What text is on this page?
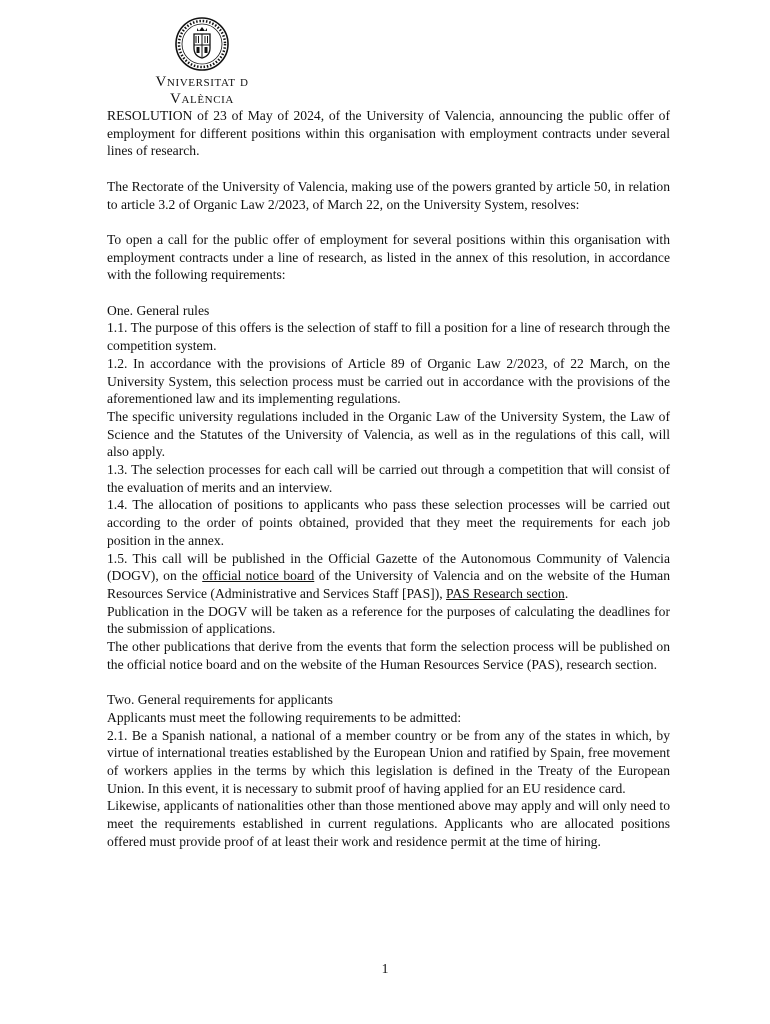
Vniversitat d València

RESOLUTION of 23 of May of 2024, of the University of Valencia, announcing the public offer of employment for different positions within this organisation with employment contracts under several lines of research.

The Rectorate of the University of Valencia, making use of the powers granted by article 50, in relation to article 3.2 of Organic Law 2/2023, of March 22, on the University System, resolves:

To open a call for the public offer of employment for several positions within this organisation with employment contracts under a line of research, as listed in the annex of this resolution, in accordance with the following requirements:

One. General rules

1.1. The purpose of this offers is the selection of staff to fill a position for a line of research through the competition system.

1.2. In accordance with the provisions of Article 89 of Organic Law 2/2023, of 22 March, on the University System, this selection process must be carried out in accordance with the provisions of the aforementioned law and its implementing regulations.

The specific university regulations included in the Organic Law of the University System, the Law of Science and the Statutes of the University of Valencia, as well as in the regulations of this call, will also apply.

1.3. The selection processes for each call will be carried out through a competition that will consist of the evaluation of merits and an interview.

1.4. The allocation of positions to applicants who pass these selection processes will be carried out according to the order of points obtained, provided that they meet the requirements for each job position in the annex.

1.5. This call will be published in the Official Gazette of the Autonomous Community of Valencia (DOGV), on the official notice board of the University of Valencia and on the website of the Human Resources Service (Administrative and Services Staff [PAS]), PAS Research section.

Publication in the DOGV will be taken as a reference for the purposes of calculating the deadlines for the submission of applications.

The other publications that derive from the events that form the selection process will be published on the official notice board and on the website of the Human Resources Service (PAS), research section.

Two. General requirements for applicants

Applicants must meet the following requirements to be admitted:

2.1. Be a Spanish national, a national of a member country or be from any of the states in which, by virtue of international treaties established by the European Union and ratified by Spain, free movement of workers applies in the terms by which this legislation is defined in the Treaty of the European Union. In this event, it is necessary to submit proof of having applied for an EU residence card.

Likewise, applicants of nationalities other than those mentioned above may apply and will only need to meet the requirements established in current regulations. Applicants who are allocated positions offered must provide proof of at least their work and residence permit at the time of hiring.

1
